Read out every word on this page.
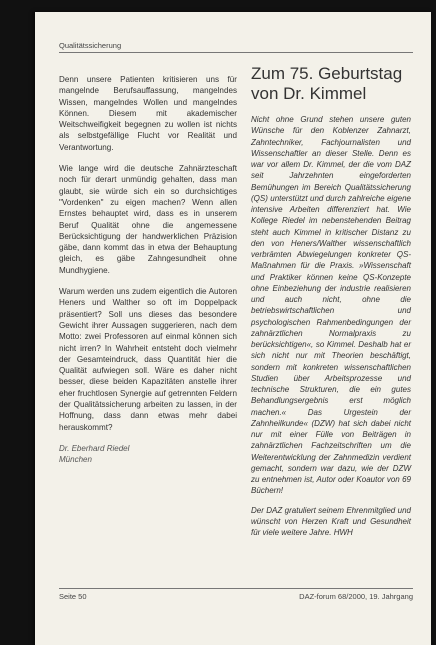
Qualitätssicherung

Denn unsere Patienten kritisieren uns für mangelnde Berufsauffassung, mangelndes Wissen, mangelndes Wollen und mangelndes Können. Diesem mit akademischer Weitschweifigkeit begegnen zu wollen ist nichts als selbstgefällige Flucht vor Realität und Verantwortung.

Wie lange wird die deutsche Zahnärzteschaft noch für derart unmündig gehalten, dass man glaubt, sie würde sich ein so durchsichtiges "Vordenken" zu eigen machen? Wenn allen Ernstes behauptet wird, dass es in unserem Beruf Qualität ohne die angemessene Berücksichtigung der handwerklichen Präzision gäbe, dann kommt das in etwa der Behauptung gleich, es gäbe Zahngesundheit ohne Mundhygiene.

Warum werden uns zudem eigentlich die Autoren Heners und Walther so oft im Doppelpack präsentiert? Soll uns dieses das besondere Gewicht ihrer Aussagen suggerieren, nach dem Motto: zwei Professoren auf einmal können sich nicht irren? In Wahrheit entsteht doch vielmehr der Gesamteindruck, dass Quantität hier die Qualität aufwiegen soll. Wäre es daher nicht besser, diese beiden Kapazitäten anstelle ihrer eher fruchtlosen Synergie auf getrennten Feldern der Qualitätssicherung arbeiten zu lassen, in der Hoffnung, dass dann etwas mehr dabei herauskommt?

Dr. Eberhard Riedel
München
Zum 75. Geburtstag
von Dr. Kimmel

Nicht ohne Grund stehen unsere guten Wünsche für den Koblenzer Zahnarzt, Zahntechniker, Fachjournalisten und Wissenschaftler an dieser Stelle. Denn es war vor allem Dr. Kimmel, der die vom DAZ seit Jahrzehnten eingeforderten Bemühungen im Bereich Qualitätssicherung (QS) unterstützt und durch zahlreiche eigene intensive Arbeiten differenziert hat. Wie Kollege Riedel im nebenstehenden Beitrag steht auch Kimmel in kritischer Distanz zu den von Heners/Walther wissenschaftlich verbrämten Abwiegelungen konkreter QS-Maßnahmen für die Praxis. »Wissenschaft und Praktiker können keine QS-Konzepte ohne Einbeziehung der industrie realisieren und auch nicht, ohne die betriebswirtschaftlichen und psychologischen Rahmenbedingungen der zahnärztlichen Normalpraxis zu berücksichtigen«, so Kimmel. Deshalb hat er sich nicht nur mit Theorien beschäftigt, sondern mit konkreten wissenschaftlichen Studien über Arbeitsprozesse und technische Strukturen, die ein gutes Behandlungsergebnis erst möglich machen.« Das Urgestein der Zahnheilkunde« (DZW) hat sich dabei nicht nur mit einer Fülle von Beiträgen in zahnärztlichen Fachzeitschriften um die Weiterentwicklung der Zahnmedizin verdient gemacht, sondern war dazu, wie der DZW zu entnehmen ist, Autor oder Koautor von 69 Büchern!

Der DAZ gratuliert seinem Ehrenmitglied und wünscht von Herzen Kraft und Gesundheit für viele weitere Jahre. HWH

Seite 50	DAZ-forum 68/2000, 19. Jahrgang
